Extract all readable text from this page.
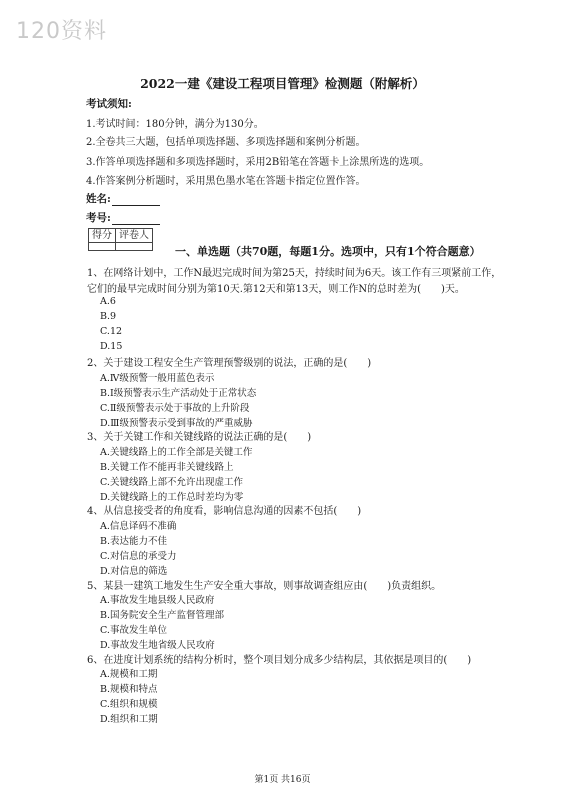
120资料
2022一建《建设工程项目管理》检测题（附解析）
考试须知:
1.考试时间：180分钟，满分为130分。
2.全卷共三大题，包括单项选择题、多项选择题和案例分析题。
3.作答单项选择题和多项选择题时，采用2B铅笔在答题卡上涂黑所选的选项。
4.作答案例分析题时，采用黑色墨水笔在答题卡指定位置作答。
姓名:
考号:
得分	评卷人

一、单选题（共70题，每题1分。选项中，只有1个符合题意）
1、在网络计划中，工作N最迟完成时间为第25天，持续时间为6天。该工作有三项紧前工作，
它们的最早完成时间分别为第10天.第12天和第13天，则工作N的总时差为(　　)天。
A.6
B.9
C.12
D.15
2、关于建设工程安全生产管理预警级别的说法，正确的是(　　)
A.Ⅳ级预警一般用蓝色表示
B.Ⅰ级预警表示生产活动处于正常状态
C.Ⅱ级预警表示处于事故的上升阶段
D.Ⅲ级预警表示受到事故的严重威胁
3、关于关键工作和关键线路的说法正确的是(　　)
A.关键线路上的工作全部是关键工作
B.关键工作不能再非关键线路上
C.关键线路上部不允许出现虚工作
D.关键线路上的工作总时差均为零
4、从信息接受者的角度看，影响信息沟通的因素不包括(　　)
A.信息译码不准确
B.表达能力不佳
C.对信息的承受力
D.对信息的筛选
5、某县一建筑工地发生生产安全重大事故，则事故调查组应由(　　)负责组织。
A.事故发生地县级人民政府
B.国务院安全生产监督管理部
C.事故发生单位
D.事故发生地省级人民攻府
6、在进度计划系统的结构分析时，整个项目划分成多少结构层，其依据是项目的(　　)
A.规模和工期
B.规模和特点
C.组织和规模
D.组织和工期
第1页 共16页
